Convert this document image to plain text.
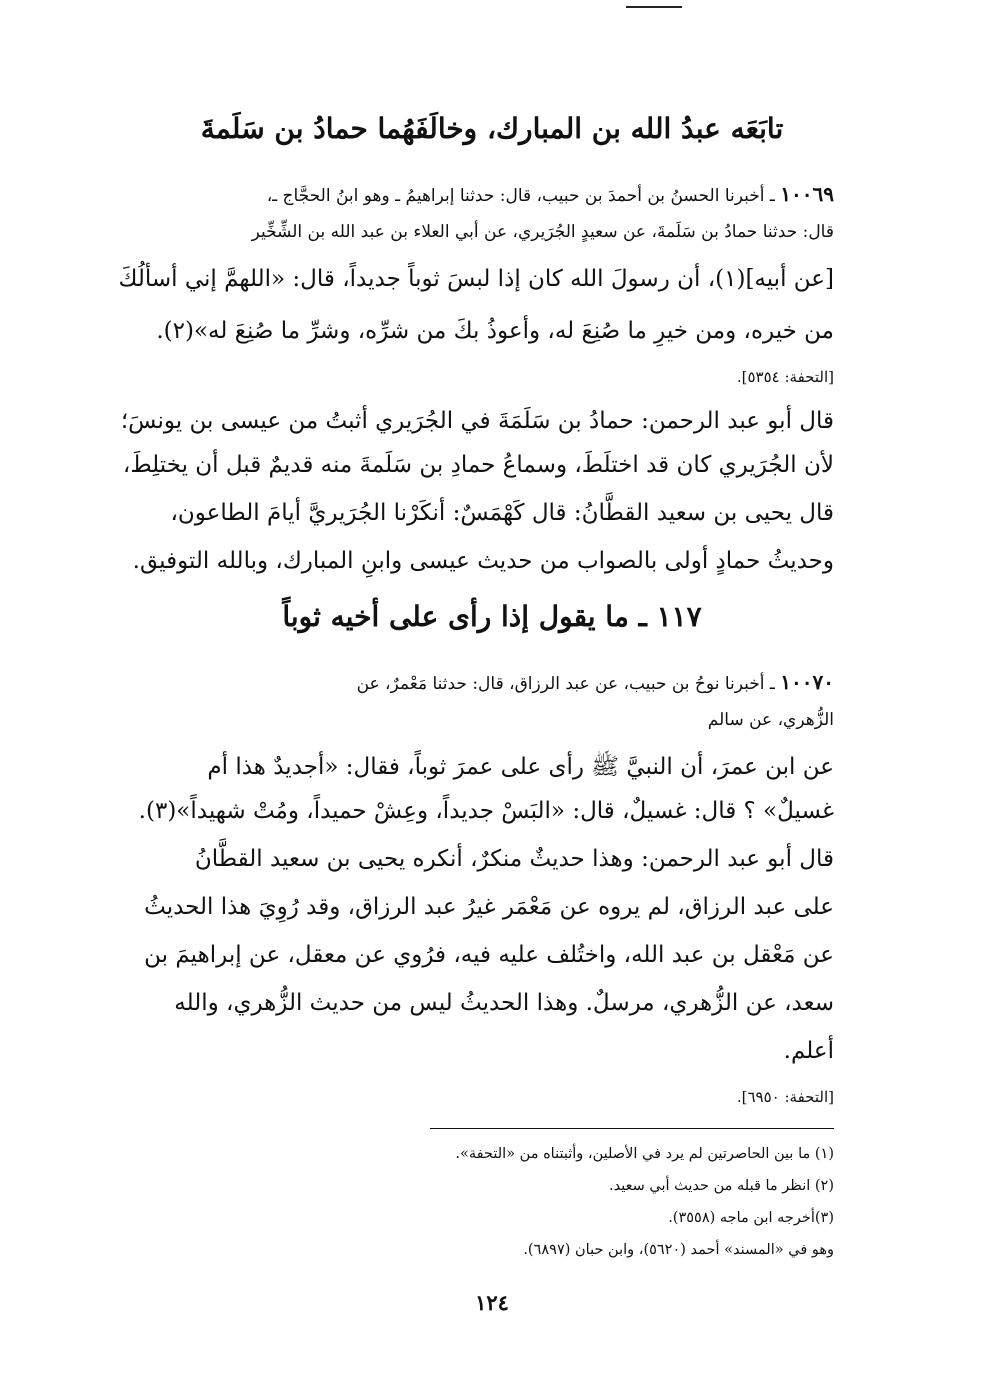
تابَعَه عبدُ الله بن المبارك، وخالَفَهُما حمادُ بن سَلَمةَ
١٠٠٦٩ ـ أخبرنا الحسنُ بن أحمدَ بن حبيب، قال: حدثنا إبراهيمُ ـ وهو ابنُ الحجَّاج ـ،
قال: حدثنا حمادُ بن سَلَمةَ، عن سعيدٍ الجُرَيري، عن أبي العلاء بن عبد الله بن الشِّخِّير
[عن أبيه](١)، أن رسولَ الله كان إذا لبسَ ثوباً جديداً، قال: «اللهمَّ إني أسألُكَ
من خيره، ومن خيرِ ما صُنِعَ له، وأعوذُ بكَ من شرِّه، وشرِّ ما صُنِعَ له»(٢).
[التحفة: ٥٣٥٤].
قال أبو عبد الرحمن: حمادُ بن سَلَمَةَ في الجُرَيري أثبتُ من عيسى بن يونسَ؛
لأن الجُرَيري كان قد اختلَطَ، وسماعُ حمادِ بن سَلَمةَ منه قديمٌ قبل أن يختلِطَ،
قال يحيى بن سعيد القطَّانُ: قال كَهْمَسٌ: أنكَرْنا الجُرَيريَّ أيامَ الطاعون،
وحديثُ حمادٍ أولى بالصواب من حديث عيسى وابنِ المبارك، وبالله التوفيق.
١١٧ ـ ما يقول إذا رأى على أخيه ثوباً
١٠٠٧٠ ـ أخبرنا نوحُ بن حبيب، عن عبد الرزاق، قال: حدثنا مَعْمرٌ، عن
الزُّهري، عن سالم
عن ابن عمرَ، أن النبيَّ ﷺ رأى على عمرَ ثوباً، فقال: «أجديدٌ هذا أم
غسيلٌ» ؟ قال: غسيلٌ، قال: «البَسْ جديداً، وعِشْ حميداً، ومُتْ شهيداً»(٣).
قال أبو عبد الرحمن: وهذا حديثٌ منكرٌ، أنكره يحيى بن سعيد القطَّانُ
على عبد الرزاق، لم يروه عن مَعْمَر غيرُ عبد الرزاق، وقد رُوِيَ هذا الحديثُ
عن مَعْقل بن عبد الله، واختُلف عليه فيه، فرُوي عن معقل، عن إبراهيمَ بن
سعد، عن الزُّهري، مرسلٌ. وهذا الحديثُ ليس من حديث الزُّهري، والله
أعلم.
[التحفة: ٦٩٥٠].
(١) ما بين الحاصرتين لم يرد في الأصلين، وأثبتناه من «التحفة».
(٢) انظر ما قبله من حديث أبي سعيد.
(٣)أخرجه ابن ماجه (٣٥٥٨).
وهو في «المسند» أحمد (٥٦٢٠)، وابن حبان (٦٨٩٧).
١٢٤
